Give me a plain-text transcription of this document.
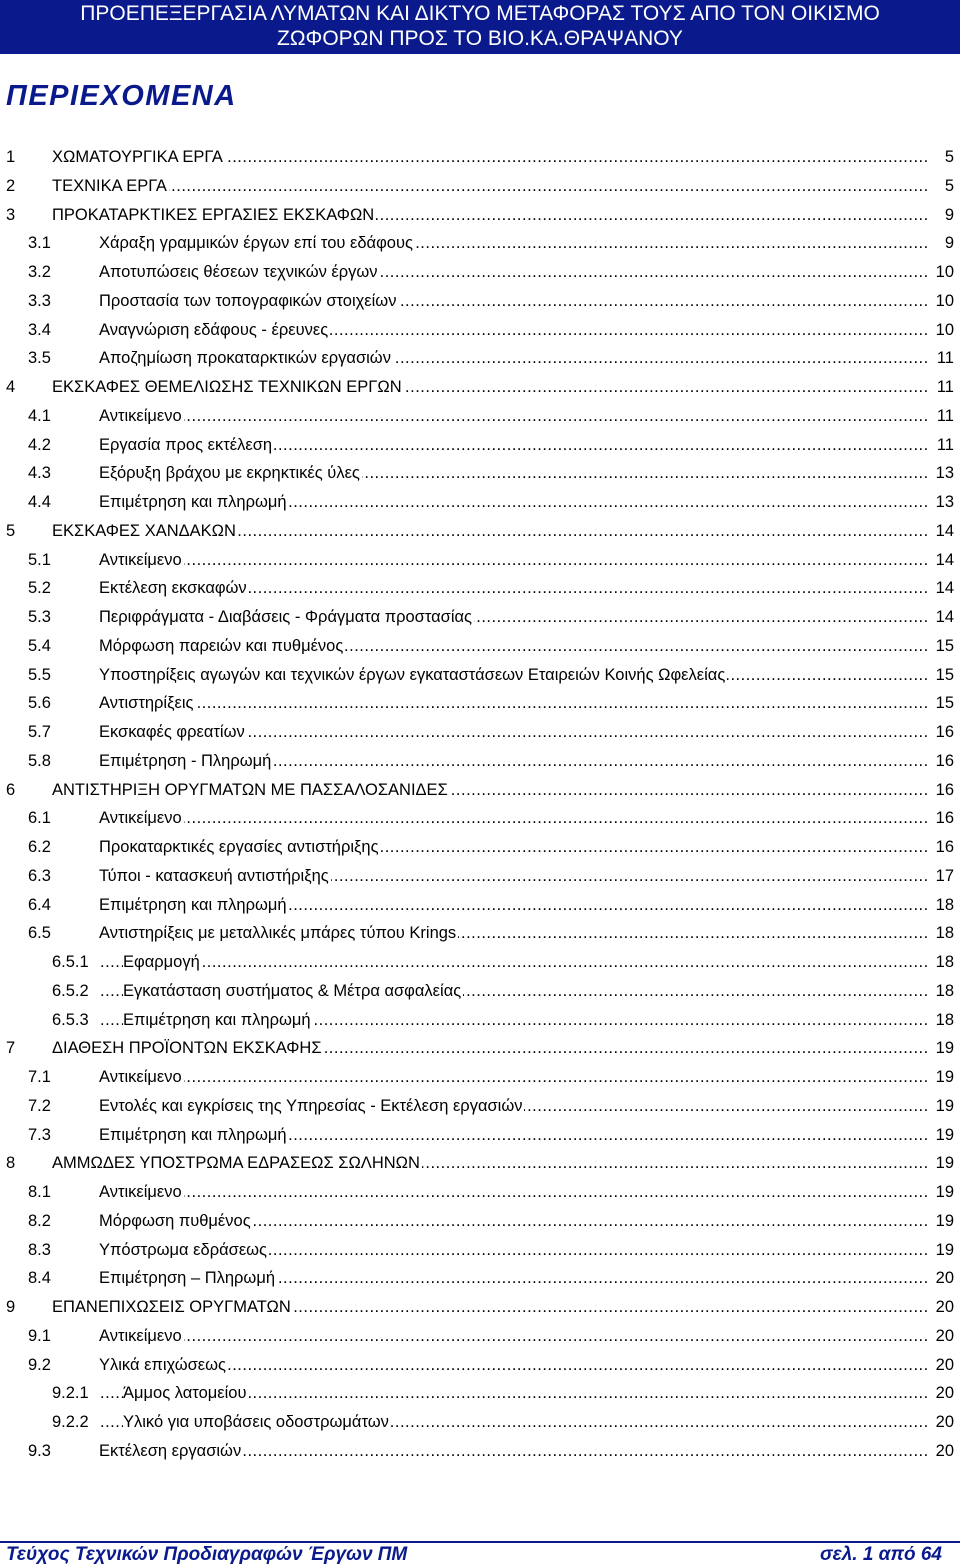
ΠΡΟΕΠΕΞΕΡΓΑΣΙΑ ΛΥΜΑΤΩΝ ΚΑΙ ΔΙΚΤΥΟ ΜΕΤΑΦΟΡΑΣ ΤΟΥΣ ΑΠΟ ΤΟΝ ΟΙΚΙΣΜΟ
ΖΩΦΟΡΩΝ ΠΡΟΣ ΤΟ ΒΙΟ.ΚΑ.ΘΡΑΨΑΝΟΥ
ΠΕΡΙΕΧΟΜΕΝΑ
1 ..... ΧΩΜΑΤΟΥΡΓΙΚΑ ΕΡΓΑ	5
2 ..... ΤΕΧΝΙΚΑ ΕΡΓΑ	5
3 ..... ΠΡΟΚΑΤΑΡΚΤΙΚΕΣ ΕΡΓΑΣΙΕΣ ΕΚΣΚΑΦΩΝ	9
3.1 .....	Χάραξη γραμμικών έργων επί του εδάφους	9
3.2 .....	Αποτυπώσεις θέσεων τεχνικών έργων	10
3.3 .....	Προστασία των τοπογραφικών στοιχείων	10
3.4 .....	Αναγνώριση εδάφους - έρευνες	10
3.5 .....	Αποζημίωση προκαταρκτικών εργασιών	11
4 ..... ΕΚΣΚΑΦΕΣ ΘΕΜΕΛΙΩΣΗΣ ΤΕΧΝΙΚΩΝ ΕΡΓΩΝ	11
4.1 .....	Αντικείμενο	11
4.2 .....	Εργασία προς εκτέλεση	11
4.3 .....	Εξόρυξη βράχου με εκρηκτικές ύλες	13
4.4 .....	Επιμέτρηση και πληρωμή	13
5 ..... ΕΚΣΚΑΦΕΣ ΧΑΝΔΑΚΩΝ	14
5.1 .....	Αντικείμενο	14
5.2 .....	Εκτέλεση εκσκαφών	14
5.3 .....	Περιφράγματα - Διαβάσεις - Φράγματα προστασίας	14
5.4 .....	Μόρφωση παρειών και πυθμένος	15
5.5 .....	Υποστηρίξεις αγωγών και τεχνικών έργων εγκαταστάσεων Εταιρειών Κοινής Ωφελείας	15
5.6 .....	Αντιστηρίξεις	15
5.7 .....	Εκσκαφές φρεατίων	16
5.8 .....	Επιμέτρηση - Πληρωμή	16
6 ..... ΑΝΤΙΣΤΗΡΙΞΗ ΟΡΥΓΜΑΤΩΝ ΜΕ ΠΑΣΣΑΛΟΣΑΝΙΔΕΣ	16
6.1 .....	Αντικείμενο	16
6.2 .....	Προκαταρκτικές εργασίες αντιστήριξης	16
6.3 .....	Τύποι - κατασκευή αντιστήριξης	17
6.4 .....	Επιμέτρηση και πληρωμή	18
6.5 .....	Αντιστηρίξεις με μεταλλικές μπάρες τύπου Krings	18
6.5.1 ..... Εφαρμογή	18
6.5.2 ..... Εγκατάσταση συστήματος & Μέτρα ασφαλείας	18
6.5.3 ..... Επιμέτρηση και πληρωμή	18
7 ..... ΔΙΑΘΕΣΗ ΠΡΟΪΟΝΤΩΝ ΕΚΣΚΑΦΗΣ	19
7.1 .....	Αντικείμενο	19
7.2 .....	Εντολές και εγκρίσεις της Υπηρεσίας - Εκτέλεση εργασιών	19
7.3 .....	Επιμέτρηση και πληρωμή	19
8 ..... ΑΜΜΩΔΕΣ ΥΠΟΣΤΡΩΜΑ ΕΔΡΑΣΕΩΣ ΣΩΛΗΝΩΝ	19
8.1 .....	Αντικείμενο	19
8.2 .....	Μόρφωση πυθμένος	19
8.3 .....	Υπόστρωμα εδράσεως	19
8.4 .....	Επιμέτρηση – Πληρωμή	20
9 ..... ΕΠΑΝΕΠΙΧΩΣΕΙΣ ΟΡΥΓΜΑΤΩΝ	20
9.1 .....	Αντικείμενο	20
9.2 .....	Υλικά επιχώσεως	20
9.2.1 ..... Άμμος λατομείου	20
9.2.2 ..... Υλικό για υποβάσεις οδοστρωμάτων	20
9.3 .....	Εκτέλεση εργασιών	20
Τεύχος Τεχνικών Προδιαγραφών Έργων ΠΜ	σελ. 1 από 64
